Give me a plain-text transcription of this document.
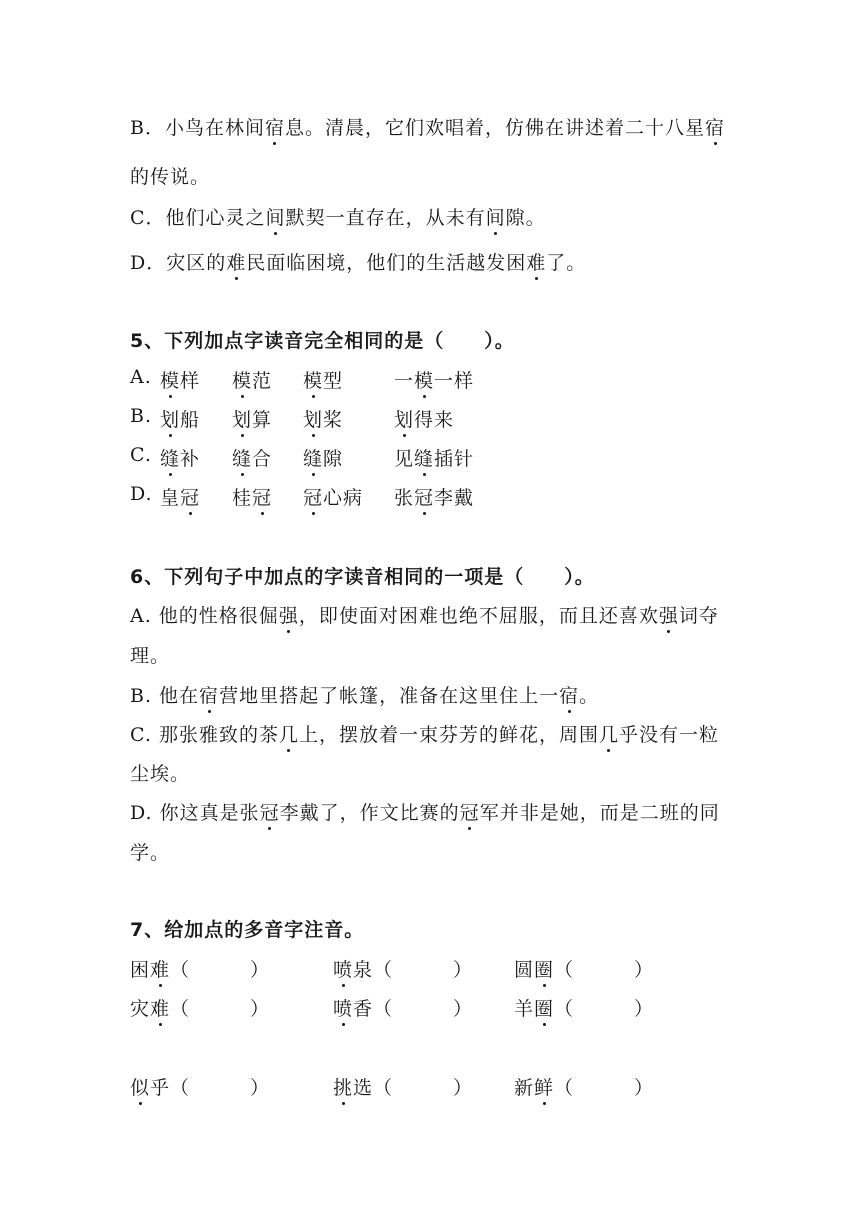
B．小鸟在林间宿息。清晨，它们欢唱着，仿佛在讲述着二十八星宿
的传说。
C．他们心灵之间默契一直存在，从未有间隙。
D．灾区的难民面临困境，他们的生活越发困难了。
5、下列加点字读音完全相同的是（　　）。
A. 模样 模范 模型	一模一样
B. 划船 划算 划桨	划得来
C. 缝补 缝合 缝隙	见缝插针
D. 皇冠 桂冠 冠心病 张冠李戴
6、下列句子中加点的字读音相同的一项是（　　）。
A. 他的性格很倔强，即使面对困难也绝不屈服，而且还喜欢强词夺
理。
B. 他在宿营地里搭起了帐篷，准备在这里住上一宿。
C. 那张雅致的茶几上，摆放着一束芬芳的鲜花，周围几乎没有一粒
尘埃。
D. 你这真是张冠李戴了，作文比赛的冠军并非是她，而是二班的同
学。
7、给加点的多音字注音。
困难（　　　）	喷泉（　　　） 圆圈（　　　）
灾难（　　　）	喷香（　　　） 羊圈（　　　）
似乎（　　　）	挑选（　　　） 新鲜（　　　）
